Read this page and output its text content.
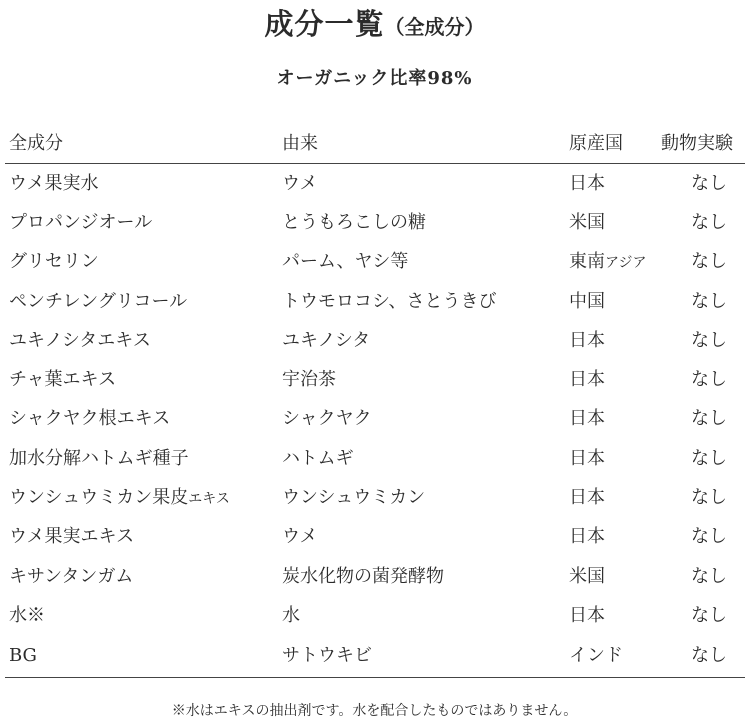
成分一覧（全成分）
オーガニック比率98%
全成分	由来	原産国	動物実験
ウメ果実水	ウメ	日本	なし
プロパンジオール	とうもろこしの糖	米国	なし
グリセリン	パーム、ヤシ等	東南アジア	なし
ペンチレングリコール	トウモロコシ、さとうきび	中国	なし
ユキノシタエキス	ユキノシタ	日本	なし
チャ葉エキス	宇治茶	日本	なし
シャクヤク根エキス	シャクヤク	日本	なし
加水分解ハトムギ種子	ハトムギ	日本	なし
ウンシュウミカン果皮エキス	ウンシュウミカン	日本	なし
ウメ果実エキス	ウメ	日本	なし
キサンタンガム	炭水化物の菌発酵物	米国	なし
水※	水	日本	なし
BG	サトウキビ	インド	なし
※水はエキスの抽出剤です。水を配合したものではありません。
